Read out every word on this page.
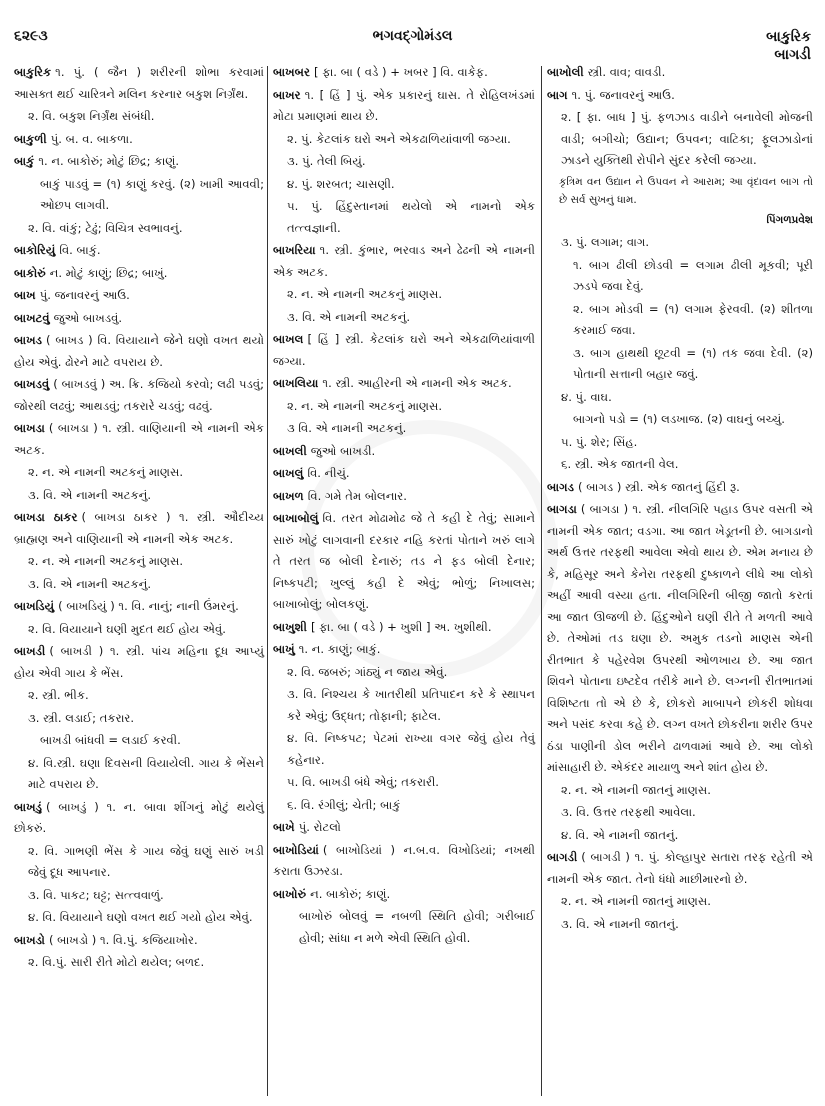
૬૨૯૩	ભગવદ્ગોમંડલ	બાકુરિક
બાગડી

બાકુરિક ૧. પું. ( જૈન ) શરીરની શોભા કરવામાં આસક્ત થઈ ચારિત્રને મલિન કરનાર બકુશ નિર્ગ્રંથ.

૨. વિ. બકુશ નિર્ગ્રંથ સંબંધી.

બાકુળી પું. બ. વ. બાકળા.

બાકું ૧. ન. બાકોરું; મોટું છિદ્ર; કાણું.

બાકું પાડવું = (૧) કાણું કરવું. (૨) ખામી આવવી; ઓછપ લાગવી.

૨. વિ. વાંકું; ટેઢું; વિચિત્ર સ્વભાવનું.

બાકોરિયું વિ. બાકું.

બાકોરું ન. મોટું કાણું; છિદ્ર; બાખું.

બાખ પું. જનાવરનું આઉ.

બાખટવું જુઓ બાખડવું.

બાખડ ( બાખડ ) વિ. વિયાયાને જેને ઘણો વખત થયો હોય એવું. ઢોરને માટે વપરાય છે.

બાખડવું ( બાખડવું ) અ. ક્રિ. કજિયો કરવો; લઢી પડવું; જોરથી લઢવું; આથડવું; તકરારે ચડવું; વઢવું.

બાખડા ( બાખડા ) ૧. સ્ત્રી. વાણિયાની એ નામની એક અટક.

૨. ન. એ નામની અટકનું માણસ.

૩. વિ. એ નામની અટકનું.

બાખડા ઠાકર ( બાખડા ઠાકર ) ૧. સ્ત્રી. ઔદીચ્ય બ્રાહ્મણ અને વાણિયાની એ નામની એક અટક.

૨. ન. એ નામની અટકનું માણસ.

૩. વિ. એ નામની અટકનું.

બાખડિયું ( બાખડિયું ) ૧. વિ. નાનું; નાની ઉંમરનું.

૨. વિ. વિયાયાને ઘણી મુદત થઈ હોય એવું.

બાખડી ( બાખડી ) ૧. સ્ત્રી. પાંચ મહિના દૂધ આપ્યું હોય એવી ગાય કે ભેંસ.

૨. સ્ત્રી. ભીક.

૩. સ્ત્રી. લડાઈ; તકરાર.

બાખડી બાંધવી = લડાઈ કરવી.

૪. વિ.સ્ત્રી. ઘણા દિવસની વિયાયેલી. ગાય કે ભેંસને માટે વપરાય છે.

બાખડું ( બાખડું ) ૧. ન. બાવા શીંગનું મોટું થયેલું છોકરું.

૨. વિ. ગાભણી ભેંસ કે ગાય જેવું ઘણું સારું ખડી જેવું દૂધ આપનાર.

૩. વિ. પાકટ; ઘટ્ટ; સત્ત્વવાળું.

૪. વિ. વિયાયાને ઘણો વખત થઈ ગયો હોય એવું.

બાખડો ( બાખડો ) ૧. વિ.પું. કજિયાખોર.

૨. વિ.પું. સારી રીતે મોટો થયેલ; બળદ.

બાખબર [ ફા. બા ( વડે ) + ખબર ] વિ. વાકેફ.

બાખર ૧. [ હિં ] પું. એક પ્રકારનું ઘાસ. તે રોહિલખંડમાં મોટા પ્રમાણમાં થાય છે.

૨. પું. કેટલાંક ઘરો અને એકઢાળિયાંવાળી જગ્યા.

૩. પું. તેલી બિયું.

૪. પું. શરબત; ચાસણી.

૫. પું. હિંદુસ્તાનમાં થયેલો એ નામનો એક તત્ત્વજ્ઞાની.

બાખરિયા ૧. સ્ત્રી. કુંભાર, ભરવાડ અને ઢેઢની એ નામની એક અટક.

૨. ન. એ નામની અટકનું માણસ.

૩. વિ. એ નામની અટકનું.

બાખલ [ હિં ] સ્ત્રી. કેટલાંક ઘરો અને એકઢાળિયાંવાળી જગ્યા.

બાખલિયા ૧. સ્ત્રી. આહીરની એ નામની એક અટક.

૨. ન. એ નામની અટકનું માણસ.

૩ વિ. એ નામની અટકનું.

બાખલી જુઓ બાખડી.

બાખલું વિ. નીચું.

બાખળ વિ. ગમે તેમ બોલનાર.

બાખાબોલું વિ. તરત મોઢામોઢ જે તે કહી દે તેવું; સામાને સારું ખોટું લાગવાની દરકાર નહિ કરતાં પોતાને ખરું લાગે તે તરત જ બોલી દેનારું; તડ ને ફડ બોલી દેનાર; નિષ્કપટી; ખુલ્લું કહી દે એવું; ભોળું; નિખાલસ; બાખાબોલું; બોલકણું.

બાખુશી [ ફા. બા ( વડે ) + ખુશી ] અ. ખુશીથી.

બાખું ૧. ન. કાણું; બાકું.

૨. વિ. જબરું; ગાંઠ્યું ન જાય એવું.

૩. વિ. નિશ્ચય કે ખાતરીથી પ્રતિપાદન કરે કે સ્થાપન કરે એવું; ઉદ્ધત; તોફાની; ફાટેલ.

૪. વિ. નિષ્કપટ; પેટમાં રાખ્યા વગર જેવું હોય તેવું કહેનાર.

૫. વિ. બાખડી બંધે એવું; તકરારી.

૬. વિ. રંગીલું; ચેતી; બાકું

બાખે પું. રોટલો

બાખોડિયાં ( બાખોડિયાં ) ન.બ.વ. વિખોડિયાં; નખથી કરાતા ઉઝરડા.

બાખોરું ન. બાકોરું; કાણું.

બાખોરું બોલવું = નબળી સ્થિતિ હોવી; ગરીબાઈ હોવી; સાંધા ન મળે એવી સ્થિતિ હોવી.

બાખોલી સ્ત્રી. વાવ; વાવડી.

બાગ ૧. પું. જનાવરનું આઉ.

૨. [ ફા. બાધ ] પું. ફળઝાડ વાડીને બનાવેલી મોજની વાડી; બગીચો; ઉદ્યાન; ઉપવન; વાટિકા; ફૂલઝાડોનાં ઝાડને યુક્તિથી રોપીને સુંદર કરેલી જગ્યા.

કૃત્રિમ વન ઉદ્યાન ને ઉપવન ને આરામ; આ વૃંદાવન બાગ તો છે સર્વ સુખનું ધામ.

પિંગળપ્રવેશ

૩. પું. લગામ; વાગ.

૧. બાગ ઢીલી છોડવી = લગામ ઢીલી મૂકવી; પૂરી ઝડપે જવા દેવું.

૨. બાગ મોડવી = (૧) લગામ ફેરવવી. (૨) શીતળા કરમાઈ જવા.

૩. બાગ હાથથી છૂટવી = (૧) તક જવા દેવી. (૨) પોતાની સત્તાની બહાર જવું.

૪. પું. વાઘ.

બાગનો પડો = (૧) લડખાજ. (૨) વાઘનું બચ્ચું.

૫. પું. શેર; સિંહ.

૬. સ્ત્રી. એક જાતની વેલ.

બાગડ ( બાગડ ) સ્ત્રી. એક જાતનું હિંદી રૂ.

બાગડા ( બાગડા ) ૧. સ્ત્રી. નીલગિરિ પહાડ ઉપર વસતી એ નામની એક જાત; વડગા. આ જાત ખેડૂતની છે. બાગડાનો અર્થ ઉત્તર તરફથી આવેલા એવો થાય છે. એમ મનાય છે કે, મહિસૂર અને કેનેરા તરફથી દુષ્કાળને લીધે આ લોકો અહીં આવી વસ્યા હતા. નીલગિરિની બીજી જાતો કરતાં આ જાત ઊજળી છે. હિંદુઓને ઘણી રીતે તે મળતી આવે છે. તેઓમાં તડ ઘણા છે. અમુક તડનો માણસ એની રીતભાત કે પહેરવેશ ઉપરથી ઓળખાય છે. આ જાત શિવને પોતાના ઇષ્ટદેવ તરીકે માને છે. લગ્નની રીતભાતમાં વિશિષ્ટતા તો એ છે કે, છોકરો માબાપને છોકરી શોધવા અને પસંદ કરવા કહે છે. લગ્ન વખતે છોકરીના શરીર ઉપર ઠંડા પાણીની ડોલ ભરીને ઢાળવામાં આવે છે. આ લોકો માંસાહારી છે. એકંદર માયાળુ અને શાંત હોય છે.

૨. ન. એ નામની જાતનું માણસ.

૩. વિ. ઉત્તર તરફથી આવેલા.

૪. વિ. એ નામની જાતનું.

બાગડી ( બાગડી ) ૧. પું. કોલ્હાપુર સતારા તરફ રહેતી એ નામની એક જાત. તેનો ધંધો માછીમારનો છે.

૨. ન. એ નામની જાતનું માણસ.

૩. વિ. એ નામની જાતનું.
